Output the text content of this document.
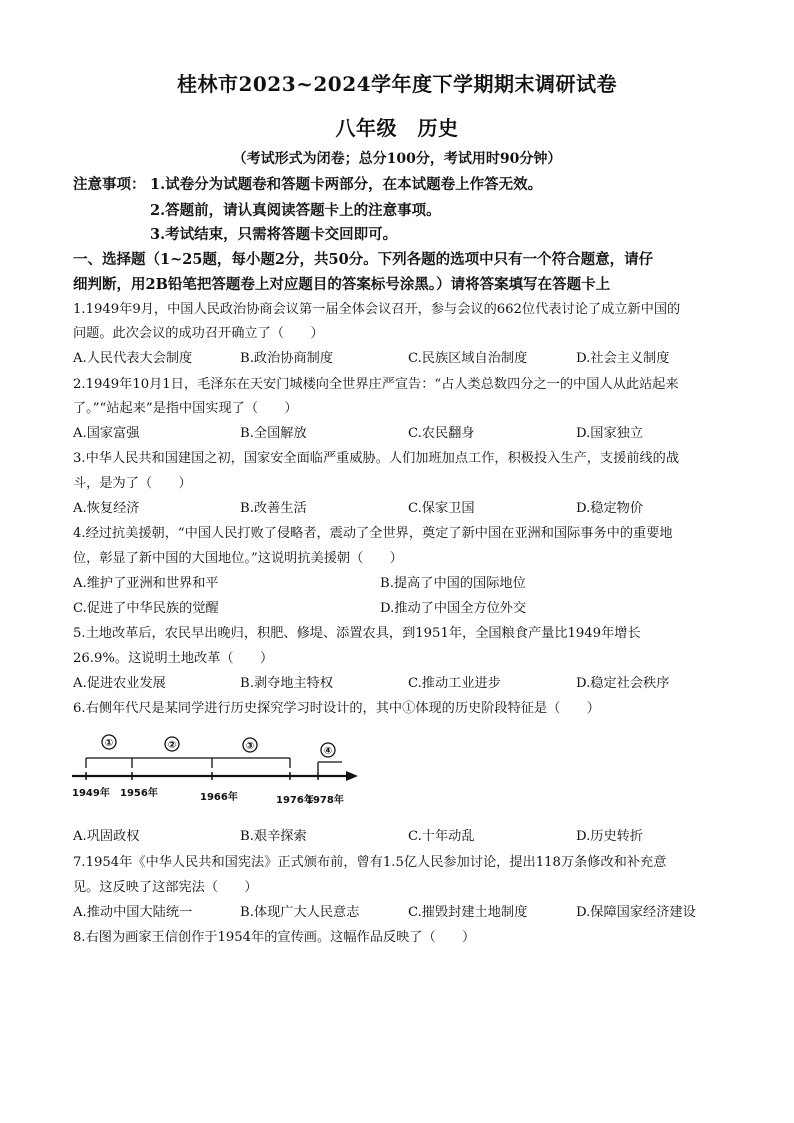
桂林市2023~2024学年度下学期期末调研试卷
八年级　历史
（考试形式为闭卷；总分100分，考试用时90分钟）
注意事项： 1.试卷分为试题卷和答题卡两部分，在本试题卷上作答无效。
2.答题前，请认真阅读答题卡上的注意事项。
3.考试结束，只需将答题卡交回即可。
一、选择题（1~25题，每小题2分，共50分。下列各题的选项中只有一个符合题意，请仔
细判断，用2B铅笔把答题卷上对应题目的答案标号涂黑。）请将答案填写在答题卡上
1.1949年9月，中国人民政治协商会议第一届全体会议召开，参与会议的662位代表讨论了成立新中国的
问题。此次会议的成功召开确立了（　　）
A.人民代表大会制度	B.政治协商制度	C.民族区域自治制度	D.社会主义制度
2.1949年10月1日，毛泽东在天安门城楼向全世界庄严宣告：“占人类总数四分之一的中国人从此站起来
了。”“站起来”是指中国实现了（　　）
A.国家富强	B.全国解放	C.农民翻身	D.国家独立
3.中华人民共和国建国之初，国家安全面临严重威胁。人们加班加点工作，积极投入生产，支援前线的战
斗，是为了（　　）
A.恢复经济	B.改善生活	C.保家卫国	D.稳定物价
4.经过抗美援朝，“中国人民打败了侵略者，震动了全世界，奠定了新中国在亚洲和国际事务中的重要地
位，彰显了新中国的大国地位。”这说明抗美援朝（　　）
A.维护了亚洲和世界和平	B.提高了中国的国际地位
C.促进了中华民族的觉醒	D.推动了中国全方位外交
5.土地改革后，农民早出晚归，积肥、修堤、添置农具，到1951年，全国粮食产量比1949年增长
26.9%。这说明土地改革（　　）
A.促进农业发展	B.剥夺地主特权	C.推动工业进步	D.稳定社会秩序
6.右侧年代尺是某同学进行历史探究学习时设计的，其中①体现的历史阶段特征是（　　）
①	②	③	④
1949年 1956年	1966年	1976年
1978年
A.巩固政权	B.艰辛探索	C.十年动乱	D.历史转折
7.1954年《中华人民共和国宪法》正式颁布前，曾有1.5亿人民参加讨论，提出118万条修改和补充意
见。这反映了这部宪法（　　）
A.推动中国大陆统一	B.体现广大人民意志	C.摧毁封建土地制度	D.保障国家经济建设
8.右图为画家王信创作于1954年的宣传画。这幅作品反映了（　　）
